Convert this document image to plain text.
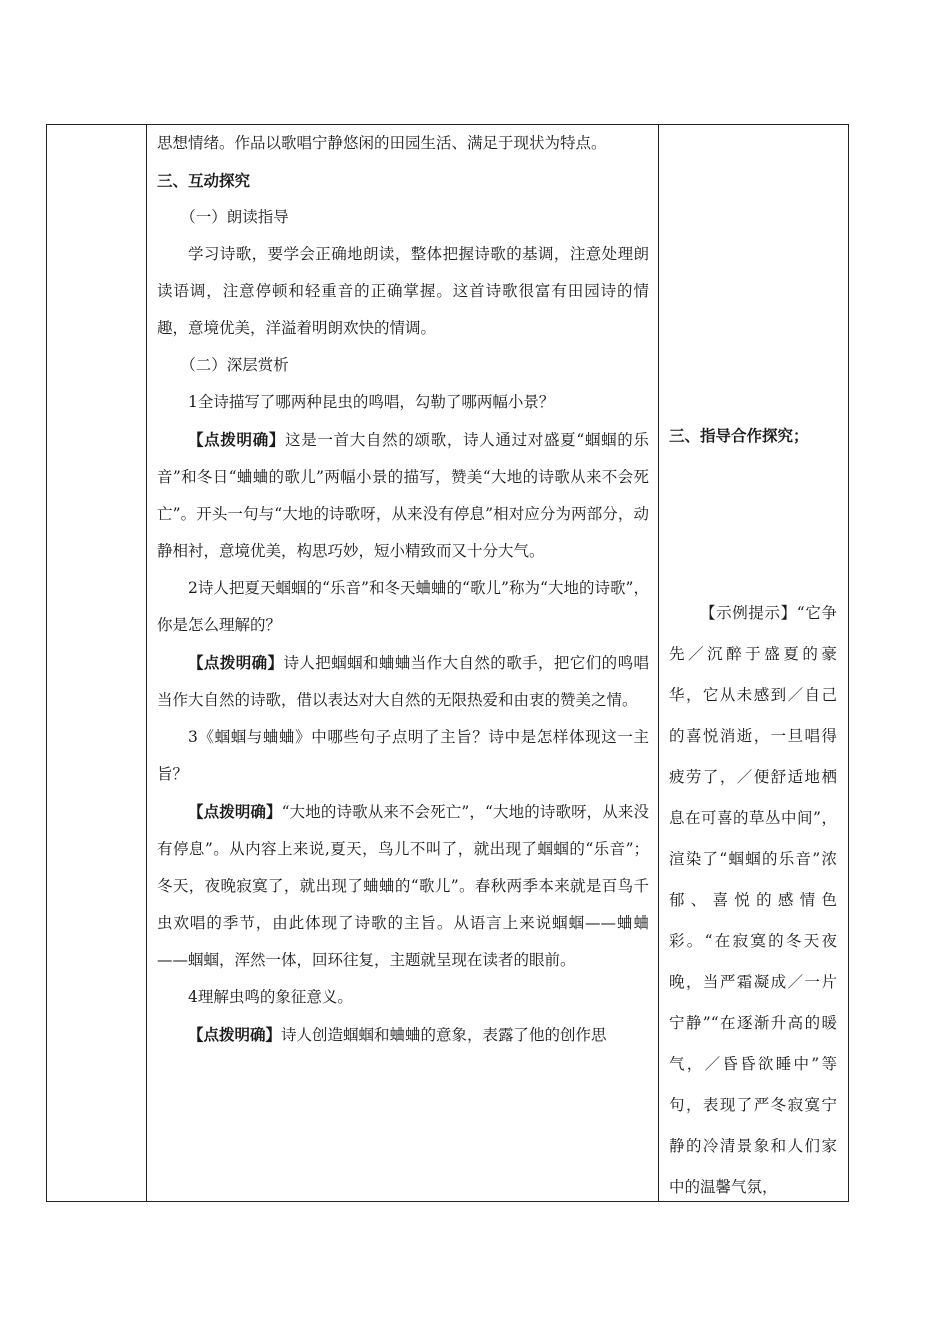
思想情绪。作品以歌唱宁静悠闲的田园生活、满足于现状为特点。

三、互动探究

（一）朗读指导

学习诗歌，要学会正确地朗读，整体把握诗歌的基调，注意处理朗读语调，注意停顿和轻重音的正确掌握。这首诗歌很富有田园诗的情趣，意境优美，洋溢着明朗欢快的情调。

（二）深层赏析

1全诗描写了哪两种昆虫的鸣唱，勾勒了哪两幅小景？

【点拨明确】这是一首大自然的颂歌，诗人通过对盛夏“蝈蝈的乐音”和冬日“蛐蛐的歌儿”两幅小景的描写，赞美“大地的诗歌从来不会死亡”。开头一句与“大地的诗歌呀，从来没有停息”相对应分为两部分，动静相衬，意境优美，构思巧妙，短小精致而又十分大气。

2诗人把夏天蝈蝈的“乐音”和冬天蛐蛐的“歌儿”称为“大地的诗歌”，你是怎么理解的？

【点拨明确】诗人把蝈蝈和蛐蛐当作大自然的歌手，把它们的鸣唱当作大自然的诗歌，借以表达对大自然的无限热爱和由衷的赞美之情。

3《蝈蝈与蛐蛐》中哪些句子点明了主旨？诗中是怎样体现这一主旨？

【点拨明确】“大地的诗歌从来不会死亡”，“大地的诗歌呀，从来没有停息”。从内容上来说,夏天，鸟儿不叫了，就出现了蝈蝈的“乐音”；冬天，夜晚寂寞了，就出现了蛐蛐的“歌儿”。春秋两季本来就是百鸟千虫欢唱的季节，由此体现了诗歌的主旨。从语言上来说蝈蝈——蛐蛐——蝈蝈，浑然一体，回环往复，主题就呈现在读者的眼前。

4理解虫鸣的象征意义。

【点拨明确】诗人创造蝈蝈和蛐蛐的意象，表露了他的创作思

三、指导合作探究；

【示例提示】“它争先／沉醉于盛夏的豪华，它从未感到／自己的喜悦消逝，一旦唱得疲劳了，／便舒适地栖息在可喜的草丛中间”，渲染了“蝈蝈的乐音”浓郁、喜悦的感情色彩。“在寂寞的冬天夜晚，当严霜凝成／一片宁静”“在逐渐升高的暖气，／昏昏欲睡中”等句，表现了严冬寂寞宁静的冷清景象和人们家中的温馨气氛，
